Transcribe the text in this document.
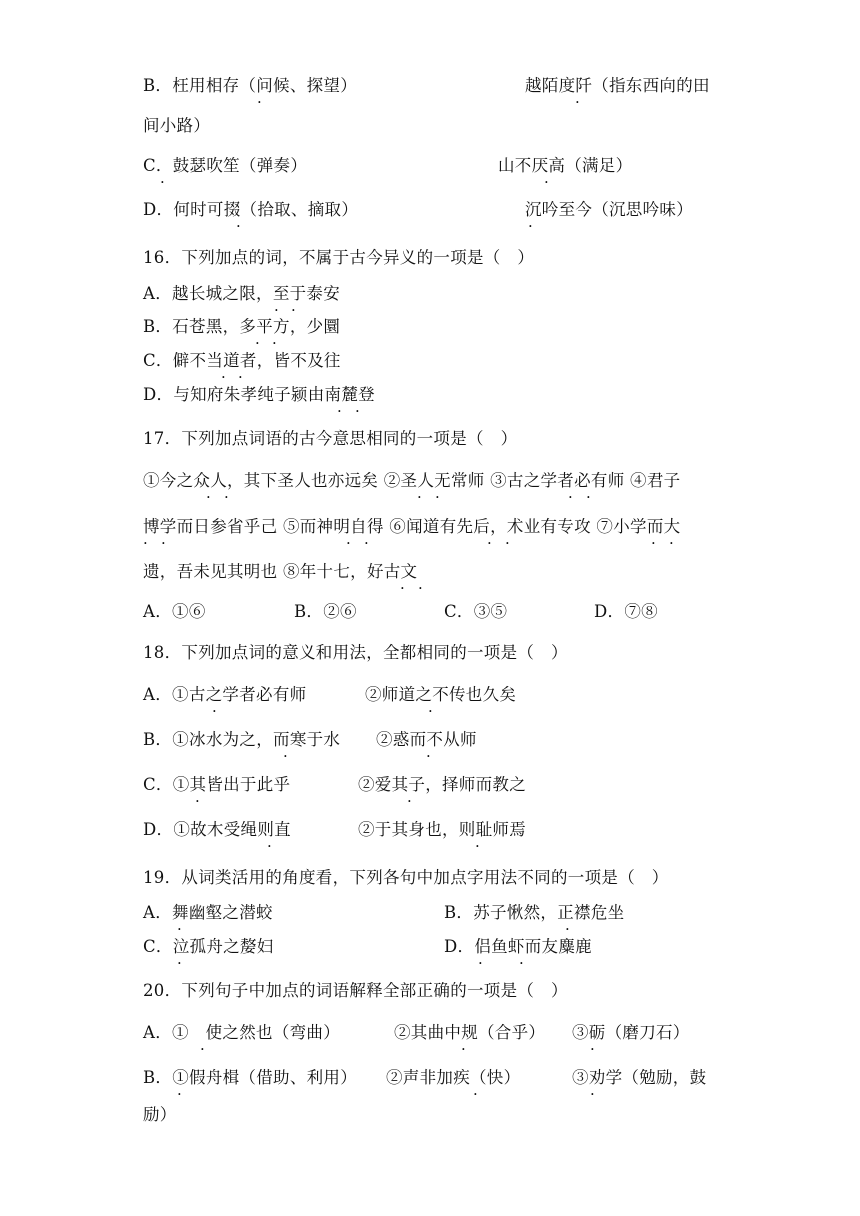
B．枉用相存（问候、探望）	越陌度阡（指东西向的田
间小路）
C．鼓瑟吹笙（弹奏）	山不厌高（满足）
D．何时可掇（拾取、摘取）	沉吟至今（沉思吟味）
16．下列加点的词，不属于古今异义的一项是（　）
A．越长城之限，至于泰安
B．石苍黑，多平方，少圜
C．僻不当道者，皆不及往
D．与知府朱孝纯子颍由南麓登
17．下列加点词语的古今意思相同的一项是（　）
①今之众人，其下圣人也亦远矣 ②圣人无常师 ③古之学者必有师 ④君子
博学而日参省乎己 ⑤而神明自得 ⑥闻道有先后，术业有专攻 ⑦小学而大
遗，吾未见其明也 ⑧年十七，好古文
A．①⑥	B．②⑥	C．③⑤	D．⑦⑧
18．下列加点词的意义和用法，全都相同的一项是（　）
A．①古之学者必有师	②师道之不传也久矣
B．①冰水为之，而寒于水 ②惑而不从师
C．①其皆出于此乎	②爱其子，择师而教之
D．①故木受绳则直	②于其身也，则耻师焉
19．从词类活用的角度看，下列各句中加点字用法不同的一项是（　）
A．舞幽壑之潜蛟	B．苏子愀然，正襟危坐
C．泣孤舟之嫠妇	D．侣鱼虾而友麋鹿
20．下列句子中加点的词语解释全部正确的一项是（　）
A．①　使之然也（弯曲）	②其曲中规（合乎） ③砺（磨刀石）
B．①假舟楫（借助、利用） ②声非加疾（快）	③劝学（勉励，鼓
励）
·	·
·	·
·	·
· ·
· ·
· ·
· ·
· ·	· ·	· ·
· ·	· ·	· ·	· ·
· ·
·	·
·	·
·	·
·	·
·	·
·	· ·
·	·	·
·	·	·
